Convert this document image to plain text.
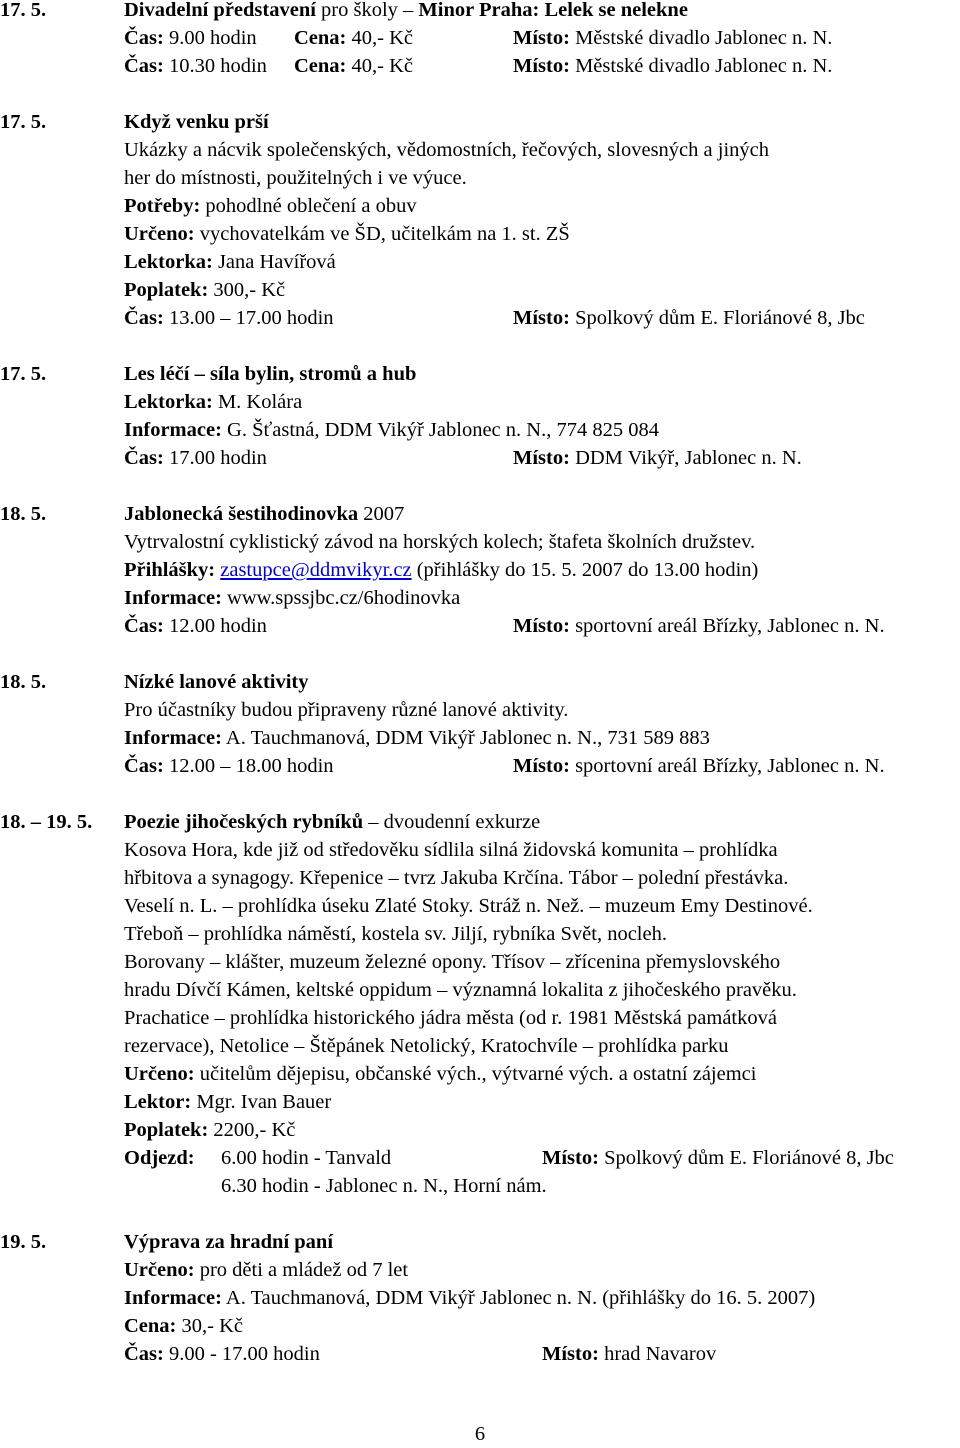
17. 5.	Divadelní představení pro školy – Minor Praha: Lelek se nelekne
Čas: 9.00 hodin Cena: 40,- Kč	Místo: Městské divadlo Jablonec n. N.
Čas: 10.30 hodin Cena: 40,- Kč	Místo: Městské divadlo Jablonec n. N.
17. 5.	Když venku prší
Ukázky a nácvik společenských, vědomostních, řečových, slovesných a jiných
her do místnosti, použitelných i ve výuce.
Potřeby: pohodlné oblečení a obuv
Určeno: vychovatelkám ve ŠD, učitelkám na 1. st. ZŠ
Lektorka: Jana Havířová
Poplatek: 300,- Kč
Čas: 13.00 – 17.00 hodin	Místo: Spolkový dům E. Floriánové 8, Jbc
17. 5.	Les léčí – síla bylin, stromů a hub
Lektorka: M. Kolára
Informace: G. Šťastná, DDM Vikýř Jablonec n. N., 774 825 084
Čas: 17.00 hodin	Místo: DDM Vikýř, Jablonec n. N.
18. 5.	Jablonecká šestihodinovka 2007
Vytrvalostní cyklistický závod na horských kolech; štafeta školních družstev.
Přihlášky: zastupce@ddmvikyr.cz (přihlášky do 15. 5. 2007 do 13.00 hodin)
Informace: www.spssjbc.cz/6hodinovka
Čas: 12.00 hodin	Místo: sportovní areál Břízky, Jablonec n. N.
18. 5.	Nízké lanové aktivity
Pro účastníky budou připraveny různé lanové aktivity.
Informace: A. Tauchmanová, DDM Vikýř Jablonec n. N., 731 589 883
Čas: 12.00 – 18.00 hodin	Místo: sportovní areál Břízky, Jablonec n. N.
18. – 19. 5.	Poezie jihočeských rybníků – dvoudenní exkurze
Kosova Hora, kde již od středověku sídlila silná židovská komunita – prohlídka
hřbitova a synagogy. Křepenice – tvrz Jakuba Krčína. Tábor – polední přestávka.
Veselí n. L. – prohlídka úseku Zlaté Stoky. Stráž n. Než. – muzeum Emy Destinové.
Třeboň – prohlídka náměstí, kostela sv. Jiljí, rybníka Svět, nocleh.
Borovany – klášter, muzeum železné opony. Třísov – zřícenina přemyslovského
hradu Dívčí Kámen, keltské oppidum – významná lokalita z jihočeského pravěku.
Prachatice – prohlídka historického jádra města (od r. 1981 Městská památková
rezervace), Netolice – Štěpánek Netolický, Kratochvíle – prohlídka parku
Určeno: učitelům dějepisu, občanské vých., výtvarné vých. a ostatní zájemci
Lektor: Mgr. Ivan Bauer
Poplatek: 2200,- Kč
Odjezd: 6.00 hodin - Tanvald	Místo: Spolkový dům E. Floriánové 8, Jbc
6.30 hodin - Jablonec n. N., Horní nám.
19. 5.	Výprava za hradní paní
Určeno: pro děti a mládež od 7 let
Informace: A. Tauchmanová, DDM Vikýř Jablonec n. N. (přihlášky do 16. 5. 2007)
Cena: 30,- Kč
Čas: 9.00 - 17.00 hodin	Místo: hrad Navarov
6
